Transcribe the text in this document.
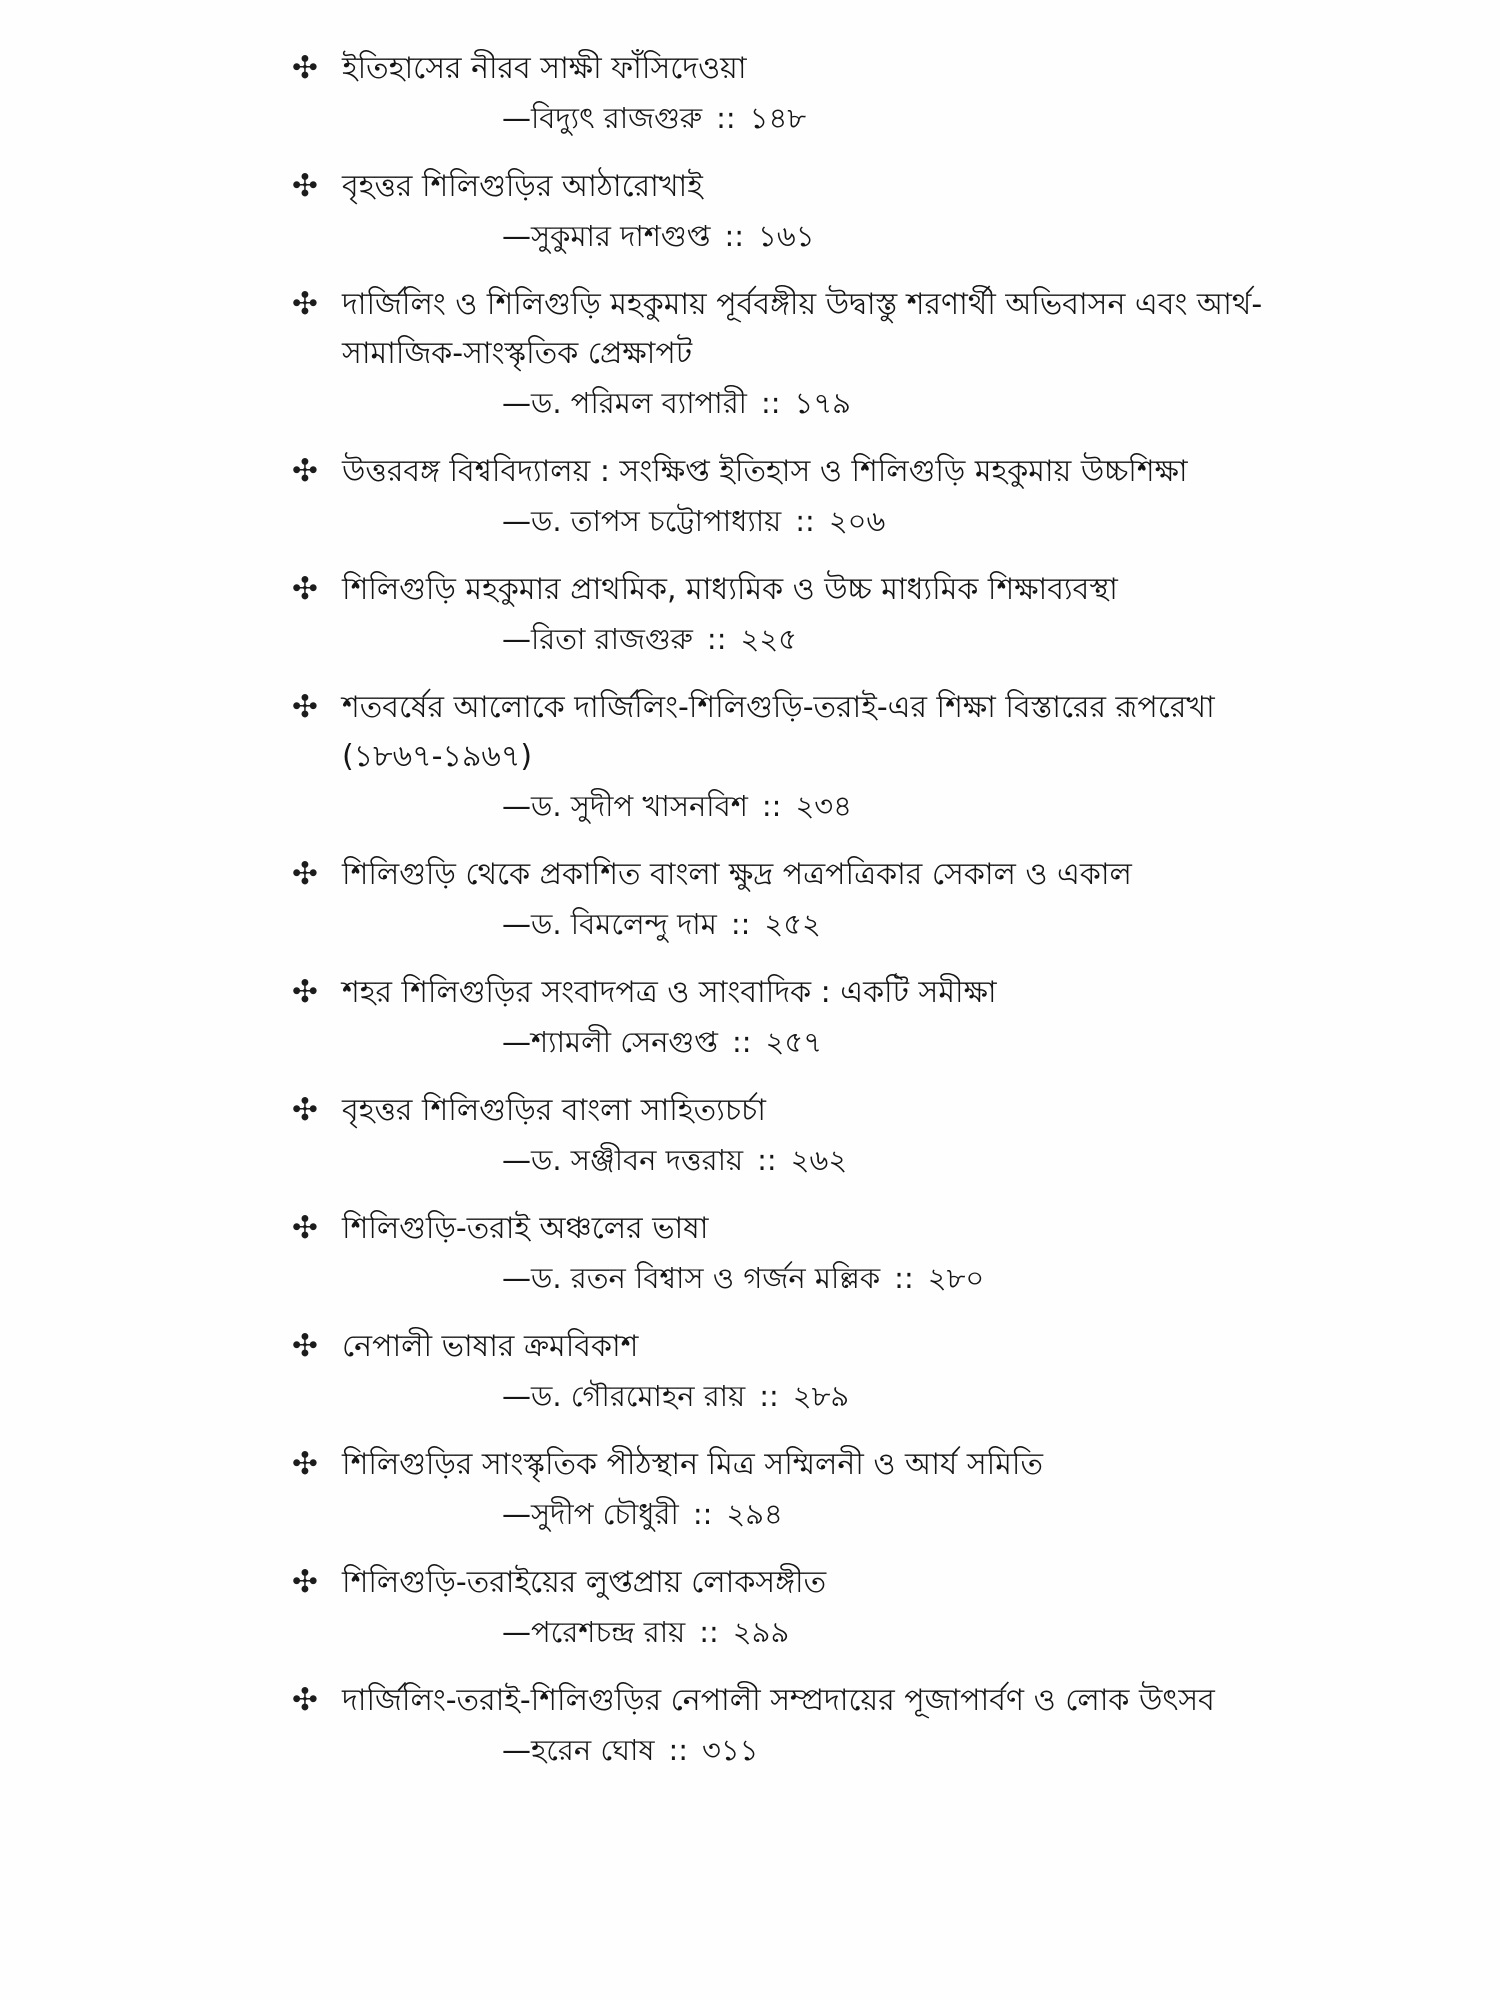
✣ ইতিহাসের নীরব সাক্ষী ফাঁসিদেওয়া
—বিদ্যুৎ রাজগুরু :: ১৪৮
✣ বৃহত্তর শিলিগুড়ির আঠারোখাই
—সুকুমার দাশগুপ্ত :: ১৬১
✣ দার্জিলিং ও শিলিগুড়ি মহকুমায় পূর্ববঙ্গীয় উদ্বাস্তু শরণার্থী অভিবাসন এবং আর্থ-সামাজিক-সাংস্কৃতিক প্রেক্ষাপট
—ড. পরিমল ব্যাপারী :: ১৭৯
✣ উত্তরবঙ্গ বিশ্ববিদ্যালয় : সংক্ষিপ্ত ইতিহাস ও শিলিগুড়ি মহকুমায় উচ্চশিক্ষা
—ড. তাপস চট্টোপাধ্যায় :: ২০৬
✣ শিলিগুড়ি মহকুমার প্রাথমিক, মাধ্যমিক ও উচ্চ মাধ্যমিক শিক্ষাব্যবস্থা
—রিতা রাজগুরু :: ২২৫
✣ শতবর্ষের আলোকে দার্জিলিং-শিলিগুড়ি-তরাই-এর শিক্ষা বিস্তারের রূপরেখা (১৮৬৭-১৯৬৭)
—ড. সুদীপ খাসনবিশ :: ২৩৪
✣ শিলিগুড়ি থেকে প্রকাশিত বাংলা ক্ষুদ্র পত্রপত্রিকার সেকাল ও একাল
—ড. বিমলেন্দু দাম :: ২৫২
✣ শহর শিলিগুড়ির সংবাদপত্র ও সাংবাদিক : একটি সমীক্ষা
—শ্যামলী সেনগুপ্ত :: ২৫৭
✣ বৃহত্তর শিলিগুড়ির বাংলা সাহিত্যচর্চা
—ড. সঞ্জীবন দত্তরায় :: ২৬২
✣ শিলিগুড়ি-তরাই অঞ্চলের ভাষা
—ড. রতন বিশ্বাস ও গর্জন মল্লিক :: ২৮০
✣ নেপালী ভাষার ক্রমবিকাশ
—ড. গৌরমোহন রায় :: ২৮৯
✣ শিলিগুড়ির সাংস্কৃতিক পীঠস্থান মিত্র সম্মিলনী ও আর্য সমিতি
—সুদীপ চৌধুরী :: ২৯৪
✣ শিলিগুড়ি-তরাইয়ের লুপ্তপ্রায় লোকসঙ্গীত
—পরেশচন্দ্র রায় :: ২৯৯
✣ দার্জিলিং-তরাই-শিলিগুড়ির নেপালী সম্প্রদায়ের পূজাপার্বণ ও লোক উৎসব
—হরেন ঘোষ :: ৩১১
